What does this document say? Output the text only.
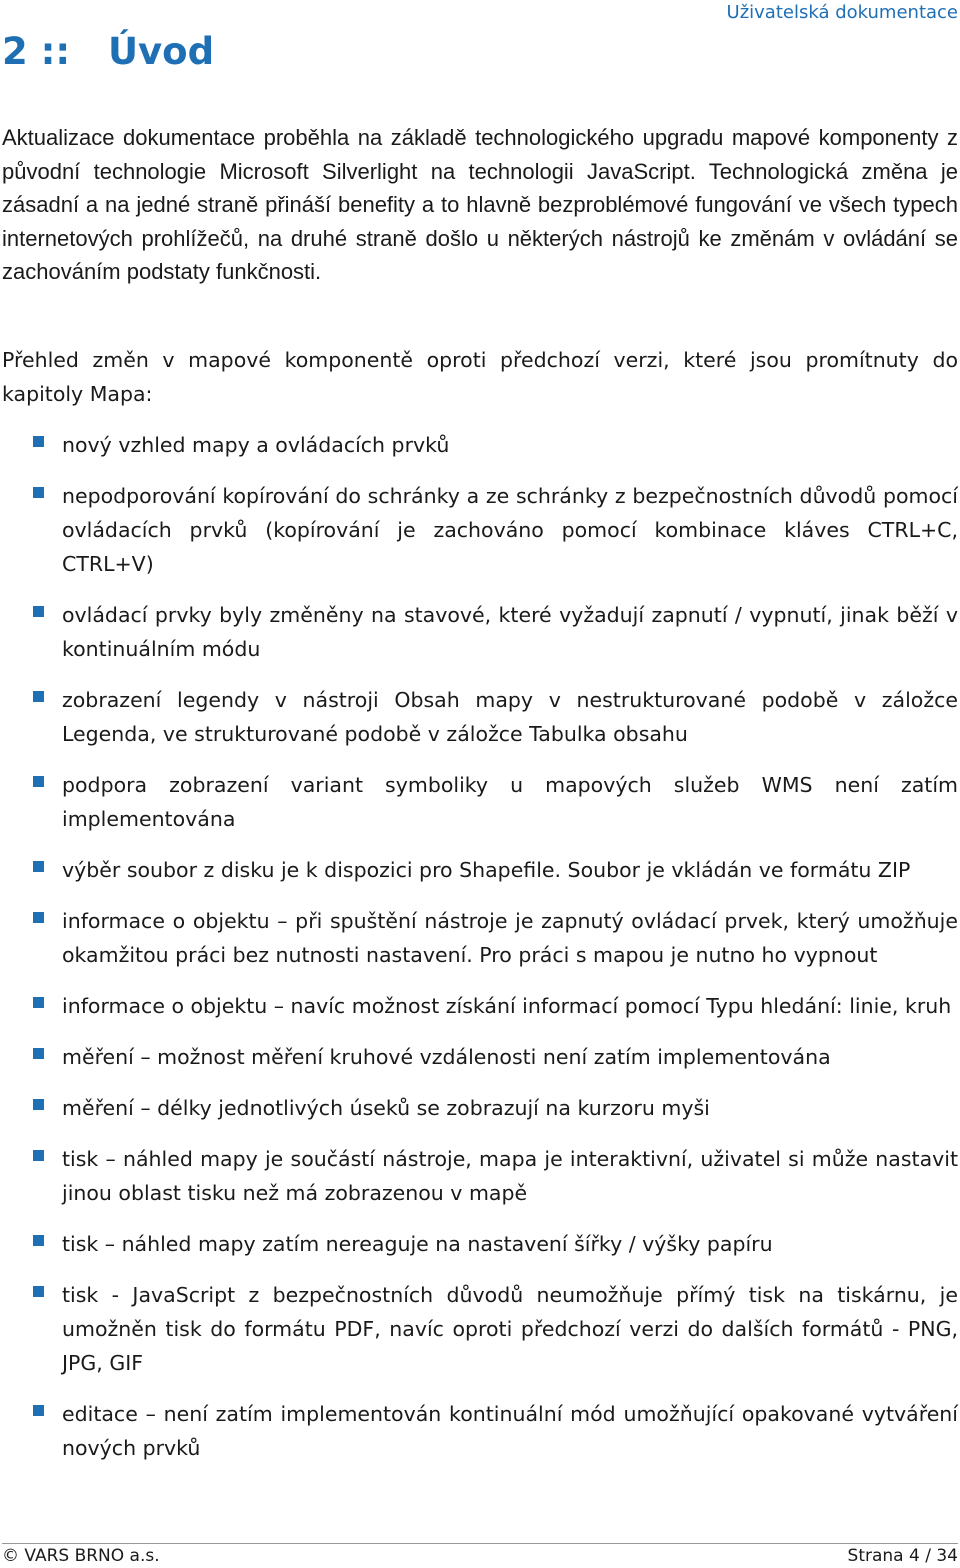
Uživatelská dokumentace
2 ::	Úvod

Aktualizace dokumentace proběhla na základě technologického upgradu mapové komponenty z původní technologie Microsoft Silverlight na technologii JavaScript. Technologická změna je zásadní a na jedné straně přináší benefity a to hlavně bezproblémové fungování ve všech typech internetových prohlížečů, na druhé straně došlo u některých nástrojů ke změnám v ovládání se zachováním podstaty funkčnosti.

Přehled změn v mapové komponentě oproti předchozí verzi, které jsou promítnuty do kapitoly Mapa:

nový vzhled mapy a ovládacích prvků
nepodporování kopírování do schránky a ze schránky z bezpečnostních důvodů pomocí ovládacích prvků (kopírování je zachováno pomocí kombinace kláves CTRL+C, CTRL+V)
ovládací prvky byly změněny na stavové, které vyžadují zapnutí / vypnutí, jinak běží v kontinuálním módu
zobrazení legendy v nástroji Obsah mapy v nestrukturované podobě v záložce Legenda, ve strukturované podobě v záložce Tabulka obsahu
podpora zobrazení variant symboliky u mapových služeb WMS není zatím implementována
výběr soubor z disku je k dispozici pro Shapefile. Soubor je vkládán ve formátu ZIP
informace o objektu – při spuštění nástroje je zapnutý ovládací prvek, který umožňuje okamžitou práci bez nutnosti nastavení. Pro práci s mapou je nutno ho vypnout
informace o objektu – navíc možnost získání informací pomocí Typu hledání: linie, kruh
měření – možnost měření kruhové vzdálenosti není zatím implementována
měření – délky jednotlivých úseků se zobrazují na kurzoru myši
tisk – náhled mapy je součástí nástroje, mapa je interaktivní, uživatel si může nastavit jinou oblast tisku než má zobrazenou v mapě
tisk – náhled mapy zatím nereaguje na nastavení šířky / výšky papíru
tisk - JavaScript z bezpečnostních důvodů neumožňuje přímý tisk na tiskárnu, je umožněn tisk do formátu PDF, navíc oproti předchozí verzi do dalších formátů - PNG, JPG, GIF
editace – není zatím implementován kontinuální mód umožňující opakované vytváření nových prvků
© VARS BRNO a.s.	Strana 4 / 34
